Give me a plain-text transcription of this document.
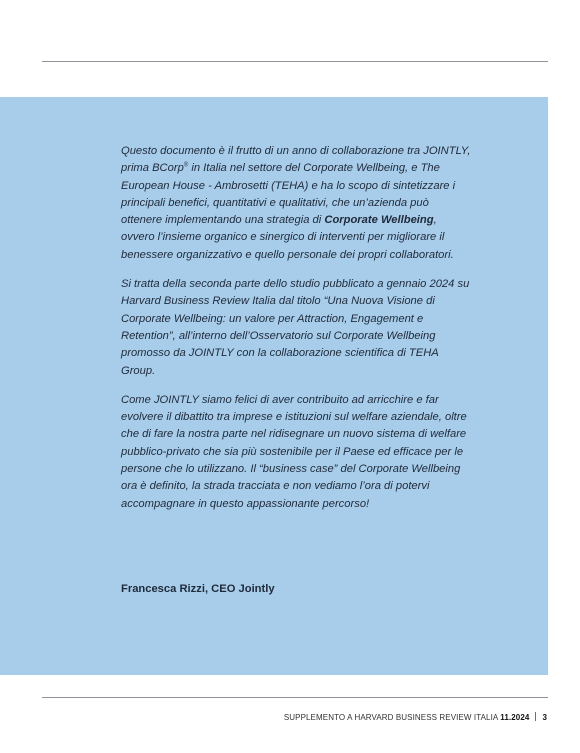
Questo documento è il frutto di un anno di collaborazione tra JOINTLY, prima BCorp® in Italia nel settore del Corporate Wellbeing, e The European House - Ambrosetti (TEHA) e ha lo scopo di sintetizzare i principali benefici, quantitativi e qualitativi, che un’azienda può ottenere implementando una strategia di Corporate Wellbeing, ovvero l’insieme organico e sinergico di interventi per migliorare il benessere organizzativo e quello personale dei propri collaboratori.

Si tratta della seconda parte dello studio pubblicato a gennaio 2024 su Harvard Business Review Italia dal titolo “Una Nuova Visione di Corporate Wellbeing: un valore per Attraction, Engagement e Retention”, all’interno dell’Osservatorio sul Corporate Wellbeing promosso da JOINTLY con la collaborazione scientifica di TEHA Group.

Come JOINTLY siamo felici di aver contribuito ad arricchire e far evolvere il dibattito tra imprese e istituzioni sul welfare aziendale, oltre che di fare la nostra parte nel ridisegnare un nuovo sistema di welfare pubblico-privato che sia più sostenibile per il Paese ed efficace per le persone che lo utilizzano. Il “business case” del Corporate Wellbeing ora è definito, la strada tracciata e non vediamo l’ora di potervi accompagnare in questo appassionante percorso!

Francesca Rizzi, CEO Jointly
SUPPLEMENTO A HARVARD BUSINESS REVIEW ITALIA 11.2024 3
